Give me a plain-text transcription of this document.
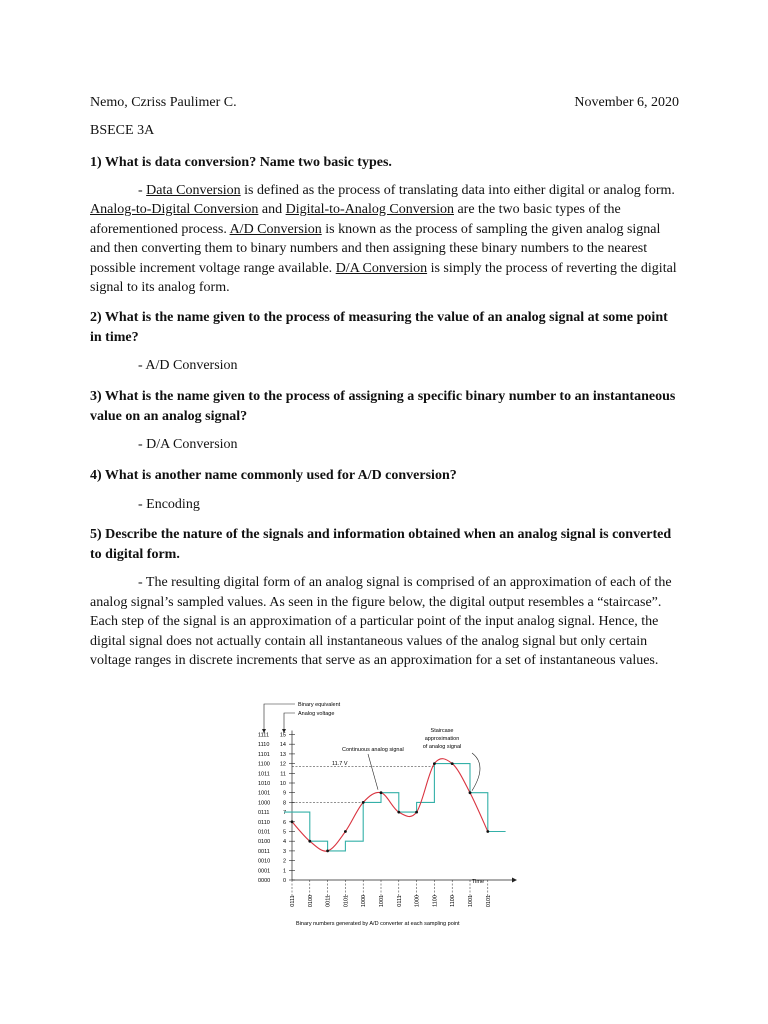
Nemo, Czriss Paulimer C.	November 6, 2020
BSECE 3A
1) What is data conversion? Name two basic types.

- Data Conversion is defined as the process of translating data into either digital or analog form. Analog-to-Digital Conversion and Digital-to-Analog Conversion are the two basic types of the aforementioned process. A/D Conversion is known as the process of sampling the given analog signal and then converting them to binary numbers and then assigning these binary numbers to the nearest possible increment voltage range available. D/A Conversion is simply the process of reverting the digital signal to its analog form.

2) What is the name given to the process of measuring the value of an analog signal at some point in time?

- A/D Conversion

3) What is the name given to the process of assigning a specific binary number to an instantaneous value on an analog signal?

- D/A Conversion

4) What is another name commonly used for A/D conversion?

- Encoding

5) Describe the nature of the signals and information obtained when an analog signal is converted to digital form.

- The resulting digital form of an analog signal is comprised of an approximation of each of the analog signal’s sampled values. As seen in the figure below, the digital output resembles a “staircase”. Each step of the signal is an approximation of a particular point of the input analog signal. Hence, the digital signal does not actually contain all instantaneous values of the analog signal but only certain voltage ranges in discrete increments that serve as an approximation for a set of instantaneous values.

Binary equivalent
Analog voltage
0
0000
1
0001
2
0010
3
0011
4
0100
5
0101
6
0110
7
0111
8
1000
9
1001
10
1010
11
1011
12
1100
13
1101
14
1110
15
1111
Continuous analog signal
Staircase
approximation
of analog signal
11.7 V
Time
0111 0100 0011 0101 1000 1001 0111 1000 1100 1100 1001 0101
Binary numbers generated by A/D converter at each sampling point
